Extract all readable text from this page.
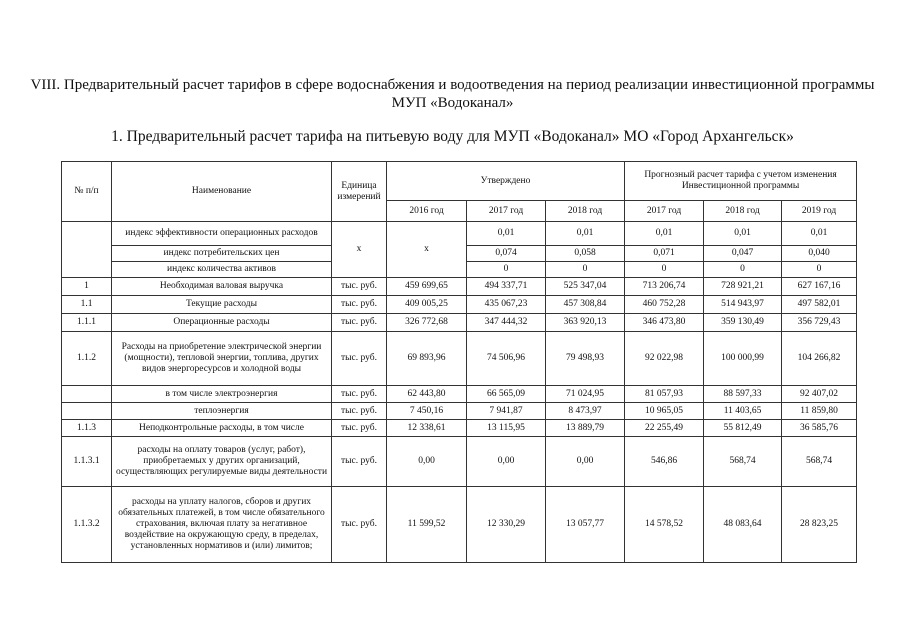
VIII. Предварительный расчет тарифов в сфере водоснабжения и водоотведения на период реализации инвестиционной программы МУП «Водоканал»
1. Предварительный расчет тарифа на питьевую воду для МУП «Водоканал» МО «Город Архангельск»
№ п/п	Наименование	Единица измерений	Утверждено			Прогнозный расчет тарифа с учетом изменения Инвестиционной программы		
			2016 год	2017 год	2018 год	2017 год	2018 год	2019 год
	индекс эффективности операционных расходов	х	х	0,01	0,01	0,01	0,01	0,01
	индекс потребительских цен			0,074	0,058	0,071	0,047	0,040
	индекс количества активов			0	0	0	0	0
1	Необходимая валовая выручка	тыс. руб.	459 699,65	494 337,71	525 347,04	713 206,74	728 921,21	627 167,16
1.1	Текущие расходы	тыс. руб.	409 005,25	435 067,23	457 308,84	460 752,28	514 943,97	497 582,01
1.1.1	Операционные расходы	тыс. руб.	326 772,68	347 444,32	363 920,13	346 473,80	359 130,49	356 729,43
1.1.2	Расходы на приобретение электрической энергии (мощности), тепловой энергии, топлива, других видов энергоресурсов и холодной воды	тыс. руб.	69 893,96	74 506,96	79 498,93	92 022,98	100 000,99	104 266,82
	в том числе электроэнергия	тыс. руб.	62 443,80	66 565,09	71 024,95	81 057,93	88 597,33	92 407,02
	теплоэнергия	тыс. руб.	7 450,16	7 941,87	8 473,97	10 965,05	11 403,65	11 859,80
1.1.3	Неподконтрольные расходы, в том числе	тыс. руб.	12 338,61	13 115,95	13 889,79	22 255,49	55 812,49	36 585,76
1.1.3.1	расходы на оплату товаров (услуг, работ), приобретаемых у других организаций, осуществляющих регулируемые виды деятельности	тыс. руб.	0,00	0,00	0,00	546,86	568,74	568,74
1.1.3.2	расходы на уплату налогов, сборов и других обязательных платежей, в том числе обязательного страхования, включая плату за негативное воздействие на окружающую среду, в пределах, установленных нормативов и (или) лимитов;	тыс. руб.	11 599,52	12 330,29	13 057,77	14 578,52	48 083,64	28 823,25
